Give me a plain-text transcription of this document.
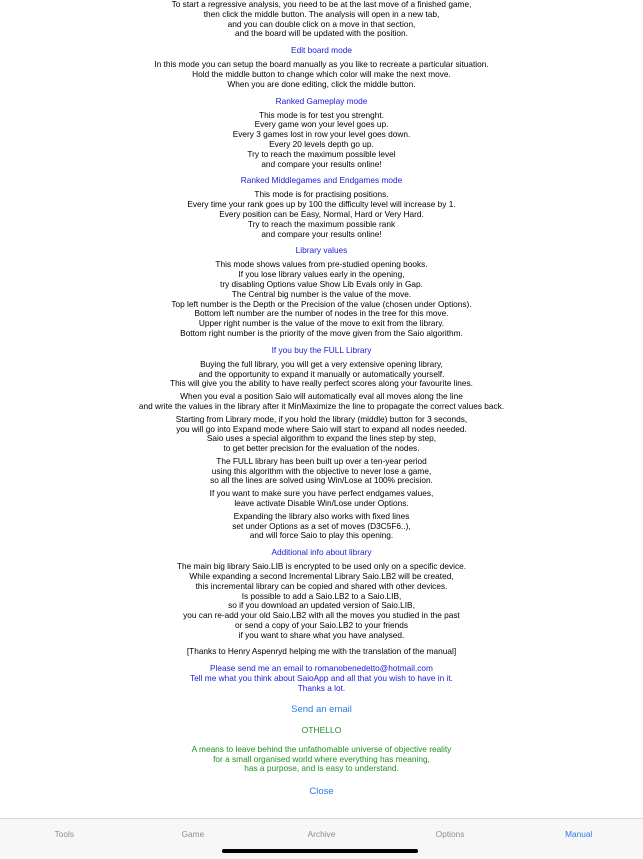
To start a regressive analysis, you need to be at the last move of a finished game,
then click the middle button. The analysis will open in a new tab,
and you can double click on a move in that section,
and the board will be updated with the position.
Edit board mode
In this mode you can setup the board manually as you like to recreate a particular situation.
Hold the middle button to change which color will make the next move.
When you are done editing, click the middle button.
Ranked Gameplay mode
This mode is for test you strenght.
Every game won your level goes up.
Every 3 games lost in row your level goes down.
Every 20 levels depth go up.
Try to reach the maximum possible level
and compare your results online!
Ranked Middlegames and Endgames mode
This mode is for practising positions.
Every time your rank goes up by 100 the difficulty level will increase by 1.
Every position can be Easy, Normal, Hard or Very Hard.
Try to reach the maximum possible rank
and compare your results online!
Library values
This mode shows values from pre-studied opening books.
If you lose library values early in the opening,
try disabling Options value Show Lib Evals only in Gap.
The Central big number is the value of the move.
Top left number is the Depth or the Precision of the value (chosen under Options).
Bottom left number are the number of nodes in the tree for this move.
Upper right number is the value of the move to exit from the library.
Bottom right number is the priority of the move given from the Saio algorithm.
If you buy the FULL Library
Buying the full library, you will get a very extensive opening library,
and the opportunity to expand it manually or automatically yourself.
This will give you the ability to have really perfect scores along your favourite lines.
When you eval a position Saio will automatically eval all moves along the line
and write the values in the library after it MinMaximize the line to propagate the correct values back.
Starting from Library mode, if you hold the library (middle) button for 3 seconds,
you will go into Expand mode where Saio will start to expand all nodes needed.
Saio uses a special algorithm to expand the lines step by step,
to get better precision for the evaluation of the nodes.
The FULL library has been built up over a ten-year period
using this algorithm with the objective to never lose a game,
so all the lines are solved using Win/Lose at 100% precision.
If you want to make sure you have perfect endgames values,
leave activate Disable Win/Lose under Options.
Expanding the library also works with fixed lines
set under Options as a set of moves (D3C5F6..),
and will force Saio to play this opening.
Additional info about library
The main big library Saio.LIB is encrypted to be used only on a specific device.
While expanding a second Incremental Library Saio.LB2 will be created,
this incremental library can be copied and shared with other devices.
Is possible to add a Saio.LB2 to a Saio.LIB,
so if you download an updated version of Saio.LIB,
you can re-add your old Saio.LB2 with all the moves you studied in the past
or send a copy of your Saio.LB2 to your friends
if you want to share what you have analysed.
[Thanks to Henry Aspenryd helping me with the translation of the manual]
Please send me an email to romanobenedetto@hotmail.com
Tell me what you think about SaioApp and all that you wish to have in it.
Thanks a lot.
Send an email
OTHELLO
A means to leave behind the unfathomable universe of objective reality
for a small organised world where everything has meaning,
has a purpose, and is easy to understand.
Close
Tools	Game	Archive	Options	Manual
